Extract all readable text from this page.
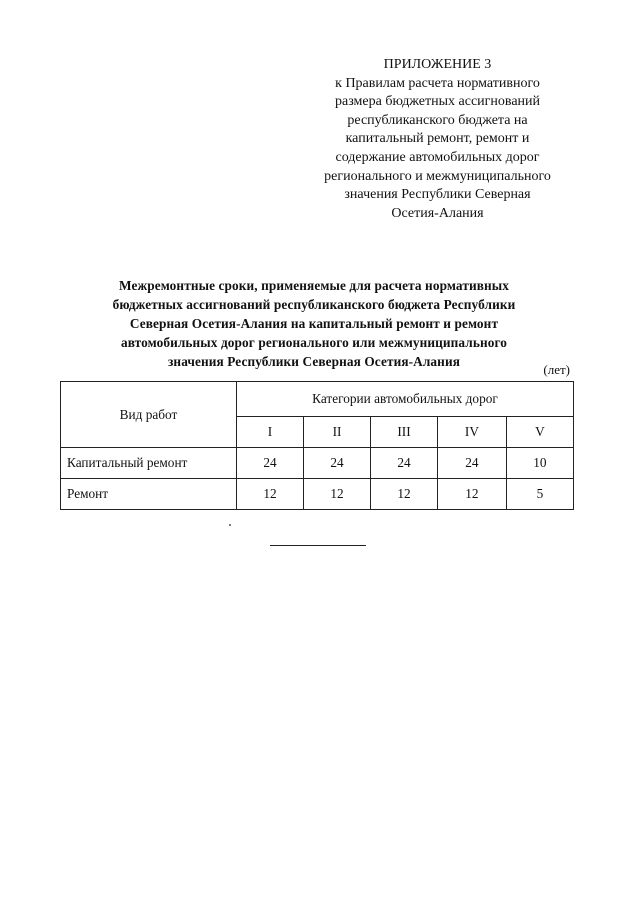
ПРИЛОЖЕНИЕ 3
к Правилам расчета нормативного
размера бюджетных ассигнований
республиканского бюджета на
капитальный ремонт, ремонт и
содержание автомобильных дорог
регионального и межмуниципального
значения Республики Северная
Осетия-Алания
Межремонтные сроки, применяемые для расчета нормативных
бюджетных ассигнований республиканского бюджета Республики
Северная Осетия-Алания на капитальный ремонт и ремонт
автомобильных дорог регионального или межмуниципального
значения Республики Северная Осетия-Алания
(лет)
Вид работ	Категории автомобильных дорог				
	I	II	III	IV	V
Капитальный ремонт	24	24	24	24	10
Ремонт	12	12	12	12	5
